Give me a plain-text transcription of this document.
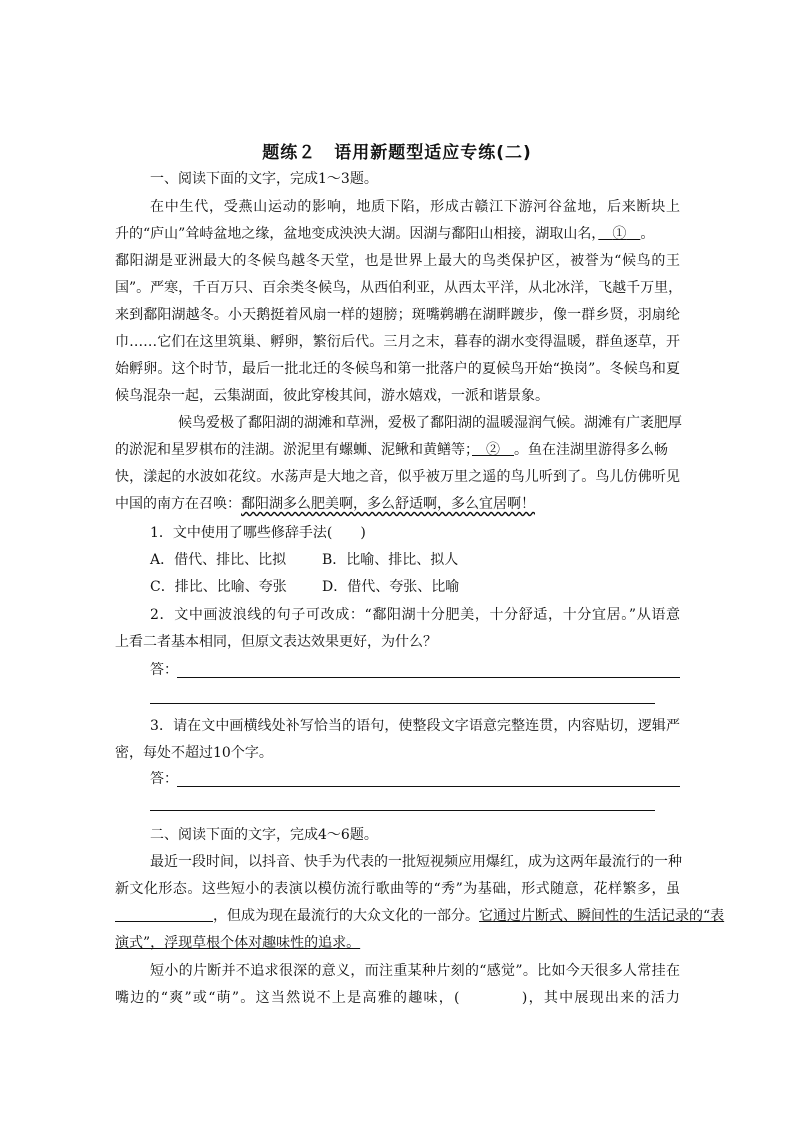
题练２　语用新题型适应专练(二)
一、阅读下面的文字，完成1～3题。
在中生代，受燕山运动的影响，地质下陷，形成古赣江下游河谷盆地，后来断块上
升的“庐山”耸峙盆地之缘，盆地变成泱泱大湖。因湖与鄱阳山相接，湖取山名，　 ①　 。
鄱阳湖是亚洲最大的冬候鸟越冬天堂，也是世界上最大的鸟类保护区，被誉为“候鸟的王
国”。严寒，千百万只、百余类冬候鸟，从西伯利亚，从西太平洋，从北冰洋，飞越千万里，
来到鄱阳湖越冬。小天鹅挺着风扇一样的翅膀；斑嘴鹈鹕在湖畔踱步，像一群乡贤，羽扇纶
巾……它们在这里筑巢、孵卵，繁衍后代。三月之末，暮春的湖水变得温暖，群鱼逐草，开
始孵卵。这个时节，最后一批北迁的冬候鸟和第一批落户的夏候鸟开始“换岗”。冬候鸟和夏
候鸟混杂一起，云集湖面，彼此穿梭其间，游水嬉戏，一派和谐景象。
候鸟爱极了鄱阳湖的湖滩和草洲，爱极了鄱阳湖的温暖湿润气候。湖滩有广袤肥厚
的淤泥和星罗棋布的洼湖。淤泥里有螺蛳、泥鳅和黄鳝等；　 ②　 。鱼在洼湖里游得多么畅
快，漾起的水波如花纹。水荡声是大地之音，似乎被万里之遥的鸟儿听到了。鸟儿仿佛听见
中国的南方在召唤：鄱阳湖多么肥美啊，多么舒适啊，多么宜居啊！
1．文中使用了哪些修辞手法(　　)
A．借代、排比、比拟	B．比喻、排比、拟人
C．排比、比喻、夸张	D．借代、夸张、比喻
2．文中画波浪线的句子可改成：“鄱阳湖十分肥美，十分舒适，十分宜居。”从语意
上看二者基本相同，但原文表达效果更好，为什么？
答：
3．请在文中画横线处补写恰当的语句，使整段文字语意完整连贯，内容贴切，逻辑严
密，每处不超过10个字。
答：
二、阅读下面的文字，完成4～6题。
最近一段时间，以抖音、快手为代表的一批短视频应用爆红，成为这两年最流行的一种
新文化形态。这些短小的表演以模仿流行歌曲等的“秀”为基础，形式随意，花样繁多，虽
　　　　　　　，但成为现在最流行的大众文化的一部分。它通过片断式、瞬间性的生活记录的“表
演式”，浮现草根个体对趣味性的追求。
短小的片断并不追求很深的意义，而注重某种片刻的“感觉”。比如今天很多人常挂在
嘴边的“爽”或“萌”。这当然说不上是高雅的趣味，(　　　　)，其中展现出来的活力
